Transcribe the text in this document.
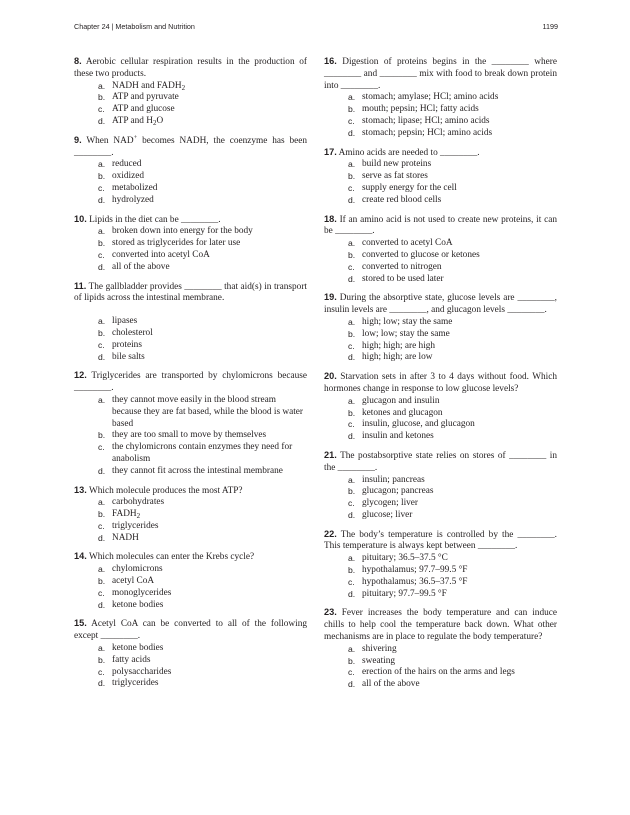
Chapter 24 | Metabolism and Nutrition	1199
8. Aerobic cellular respiration results in the production of these two products.
a. NADH and $FADH_2$
b. ATP and pyruvate
c. ATP and glucose
d. ATP and $H_2O$
9. When NAD+ becomes NADH, the coenzyme has been ________.
a. reduced
b. oxidized
c. metabolized
d. hydrolyzed
10. Lipids in the diet can be ________.
a. broken down into energy for the body
b. stored as triglycerides for later use
c. converted into acetyl CoA
d. all of the above
11. The gallbladder provides ________ that aid(s) in transport of lipids across the intestinal membrane.
a. lipases
b. cholesterol
c. proteins
d. bile salts
12. Triglycerides are transported by chylomicrons because ________.
a. they cannot move easily in the blood stream because they are fat based, while the blood is water based
b. they are too small to move by themselves
c. the chylomicrons contain enzymes they need for anabolism
d. they cannot fit across the intestinal membrane
13. Which molecule produces the most ATP?
a. carbohydrates
b. $FADH_2$
c. triglycerides
d. NADH
14. Which molecules can enter the Krebs cycle?
a. chylomicrons
b. acetyl CoA
c. monoglycerides
d. ketone bodies
15. Acetyl CoA can be converted to all of the following except ________.
a. ketone bodies
b. fatty acids
c. polysaccharides
d. triglycerides
16. Digestion of proteins begins in the ________ where ________ and ________ mix with food to break down protein into ________.
a. stomach; amylase; HCl; amino acids
b. mouth; pepsin; HCl; fatty acids
c. stomach; lipase; HCl; amino acids
d. stomach; pepsin; HCl; amino acids
17. Amino acids are needed to ________.
a. build new proteins
b. serve as fat stores
c. supply energy for the cell
d. create red blood cells
18. If an amino acid is not used to create new proteins, it can be ________.
a. converted to acetyl CoA
b. converted to glucose or ketones
c. converted to nitrogen
d. stored to be used later
19. During the absorptive state, glucose levels are ________, insulin levels are ________, and glucagon levels ________.
a. high; low; stay the same
b. low; low; stay the same
c. high; high; are high
d. high; high; are low
20. Starvation sets in after 3 to 4 days without food. Which hormones change in response to low glucose levels?
a. glucagon and insulin
b. ketones and glucagon
c. insulin, glucose, and glucagon
d. insulin and ketones
21. The postabsorptive state relies on stores of ________ in the ________.
a. insulin; pancreas
b. glucagon; pancreas
c. glycogen; liver
d. glucose; liver
22. The body’s temperature is controlled by the ________. This temperature is always kept between ________.
a. pituitary; 36.5–37.5 °C
b. hypothalamus; 97.7–99.5 °F
c. hypothalamus; 36.5–37.5 °F
d. pituitary; 97.7–99.5 °F
23. Fever increases the body temperature and can induce chills to help cool the temperature back down. What other mechanisms are in place to regulate the body temperature?
a. shivering
b. sweating
c. erection of the hairs on the arms and legs
d. all of the above
